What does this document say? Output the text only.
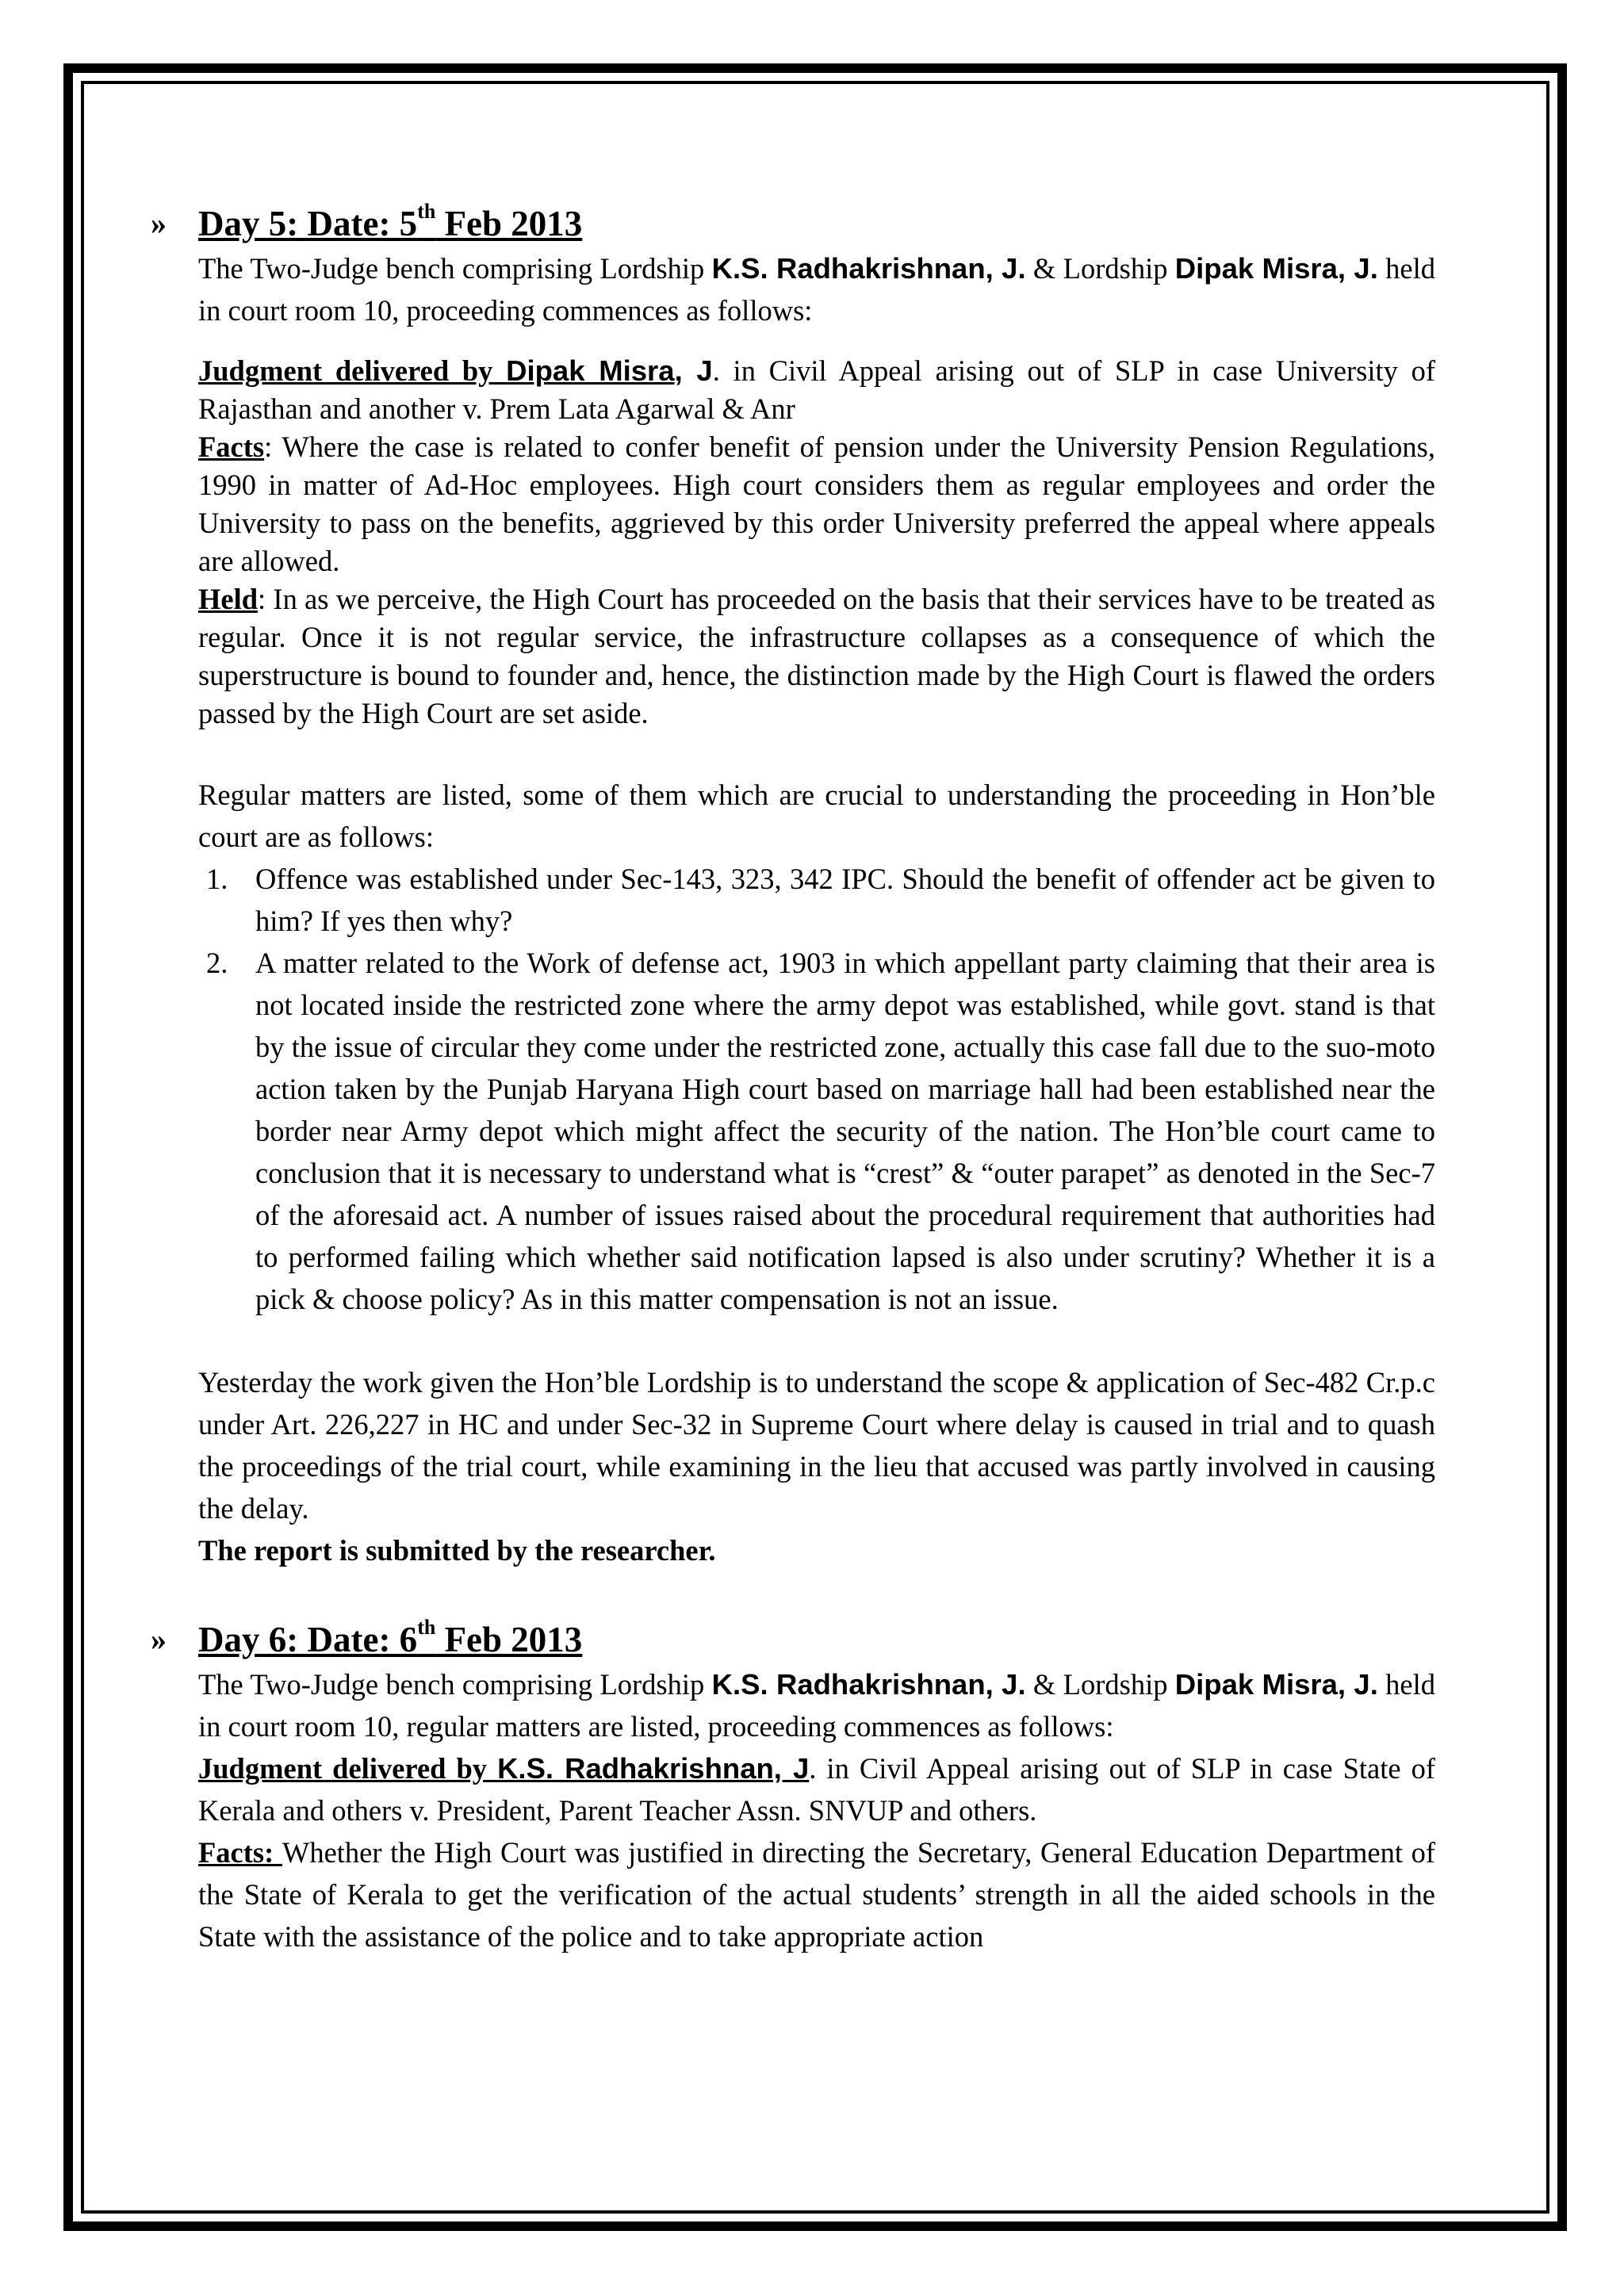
» Day 5: Date: 5th Feb 2013

The Two-Judge bench comprising Lordship K.S. Radhakrishnan, J. & Lordship Dipak Misra, J. held in court room 10, proceeding commences as follows:

Judgment delivered by Dipak Misra, J. in Civil Appeal arising out of SLP in case University of Rajasthan and another v. Prem Lata Agarwal & Anr

Facts: Where the case is related to confer benefit of pension under the University Pension Regulations, 1990 in matter of Ad-Hoc employees. High court considers them as regular employees and order the University to pass on the benefits, aggrieved by this order University preferred the appeal where appeals are allowed.

Held: In as we perceive, the High Court has proceeded on the basis that their services have to be treated as regular. Once it is not regular service, the infrastructure collapses as a consequence of which the superstructure is bound to founder and, hence, the distinction made by the High Court is flawed the orders passed by the High Court are set aside.

Regular matters are listed, some of them which are crucial to understanding the proceeding in Hon’ble court are as follows:

1. Offence was established under Sec-143, 323, 342 IPC. Should the benefit of offender act be given to him? If yes then why?
2. A matter related to the Work of defense act, 1903 in which appellant party claiming that their area is not located inside the restricted zone where the army depot was established, while govt. stand is that by the issue of circular they come under the restricted zone, actually this case fall due to the suo-moto action taken by the Punjab Haryana High court based on marriage hall had been established near the border near Army depot which might affect the security of the nation. The Hon’ble court came to conclusion that it is necessary to understand what is “crest” & “outer parapet” as denoted in the Sec-7 of the aforesaid act. A number of issues raised about the procedural requirement that authorities had to performed failing which whether said notification lapsed is also under scrutiny? Whether it is a pick & choose policy? As in this matter compensation is not an issue.

Yesterday the work given the Hon’ble Lordship is to understand the scope & application of Sec-482 Cr.p.c under Art. 226,227 in HC and under Sec-32 in Supreme Court where delay is caused in trial and to quash the proceedings of the trial court, while examining in the lieu that accused was partly involved in causing the delay.

The report is submitted by the researcher.

» Day 6: Date: 6th Feb 2013

The Two-Judge bench comprising Lordship K.S. Radhakrishnan, J. & Lordship Dipak Misra, J. held in court room 10, regular matters are listed, proceeding commences as follows:

Judgment delivered by K.S. Radhakrishnan, J. in Civil Appeal arising out of SLP in case State of Kerala and others v. President, Parent Teacher Assn. SNVUP and others.

Facts: Whether the High Court was justified in directing the Secretary, General Education Department of the State of Kerala to get the verification of the actual students’ strength in all the aided schools in the State with the assistance of the police and to take appropriate action
